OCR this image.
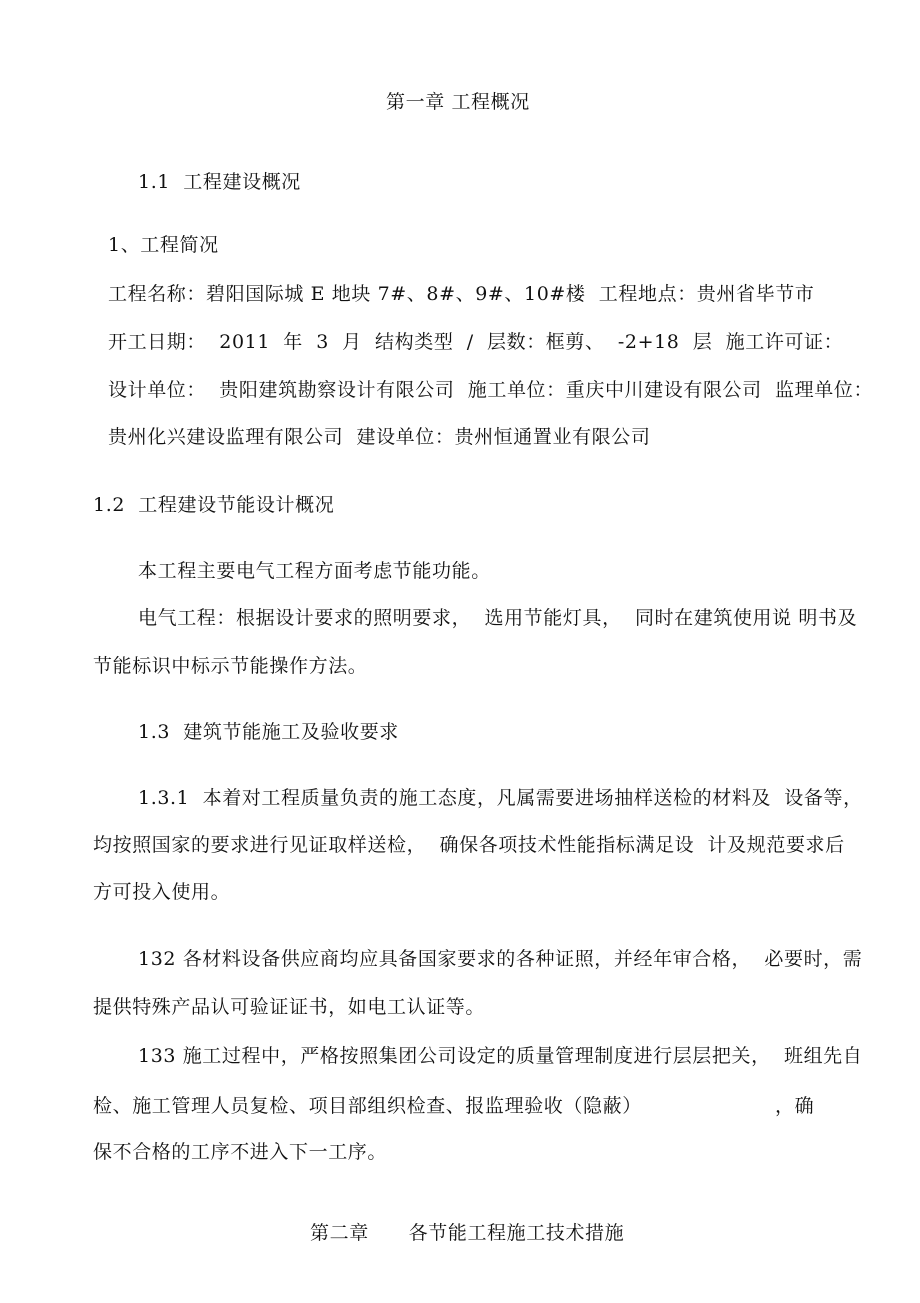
第一章 工程概况
1.1  工程建设概况
1、工程简况
工程名称：碧阳国际城 E 地块 7#、8#、9#、10#楼  工程地点：贵州省毕节市
开工日期：  2011  年  3  月  结构类型  /  层数：框剪、  -2+18  层  施工许可证：
设计单位：  贵阳建筑勘察设计有限公司  施工单位：重庆中川建设有限公司  监理单位：
贵州化兴建设监理有限公司  建设单位：贵州恒通置业有限公司
1.2  工程建设节能设计概况
本工程主要电气工程方面考虑节能功能。
电气工程：根据设计要求的照明要求，  选用节能灯具，  同时在建筑使用说 明书及
节能标识中标示节能操作方法。
1.3  建筑节能施工及验收要求
1.3.1  本着对工程质量负责的施工态度，凡属需要进场抽样送检的材料及  设备等，
均按照国家的要求进行见证取样送检，  确保各项技术性能指标满足设  计及规范要求后
方可投入使用。
132 各材料设备供应商均应具备国家要求的各种证照，并经年审合格，  必要时，需
提供特殊产品认可验证证书，如电工认证等。
133 施工过程中，严格按照集团公司设定的质量管理制度进行层层把关，  班组先自
检、施工管理人员复检、项目部组织检查、报监理验收（隐蔽）	，确
保不合格的工序不进入下一工序。
第二章      各节能工程施工技术措施
